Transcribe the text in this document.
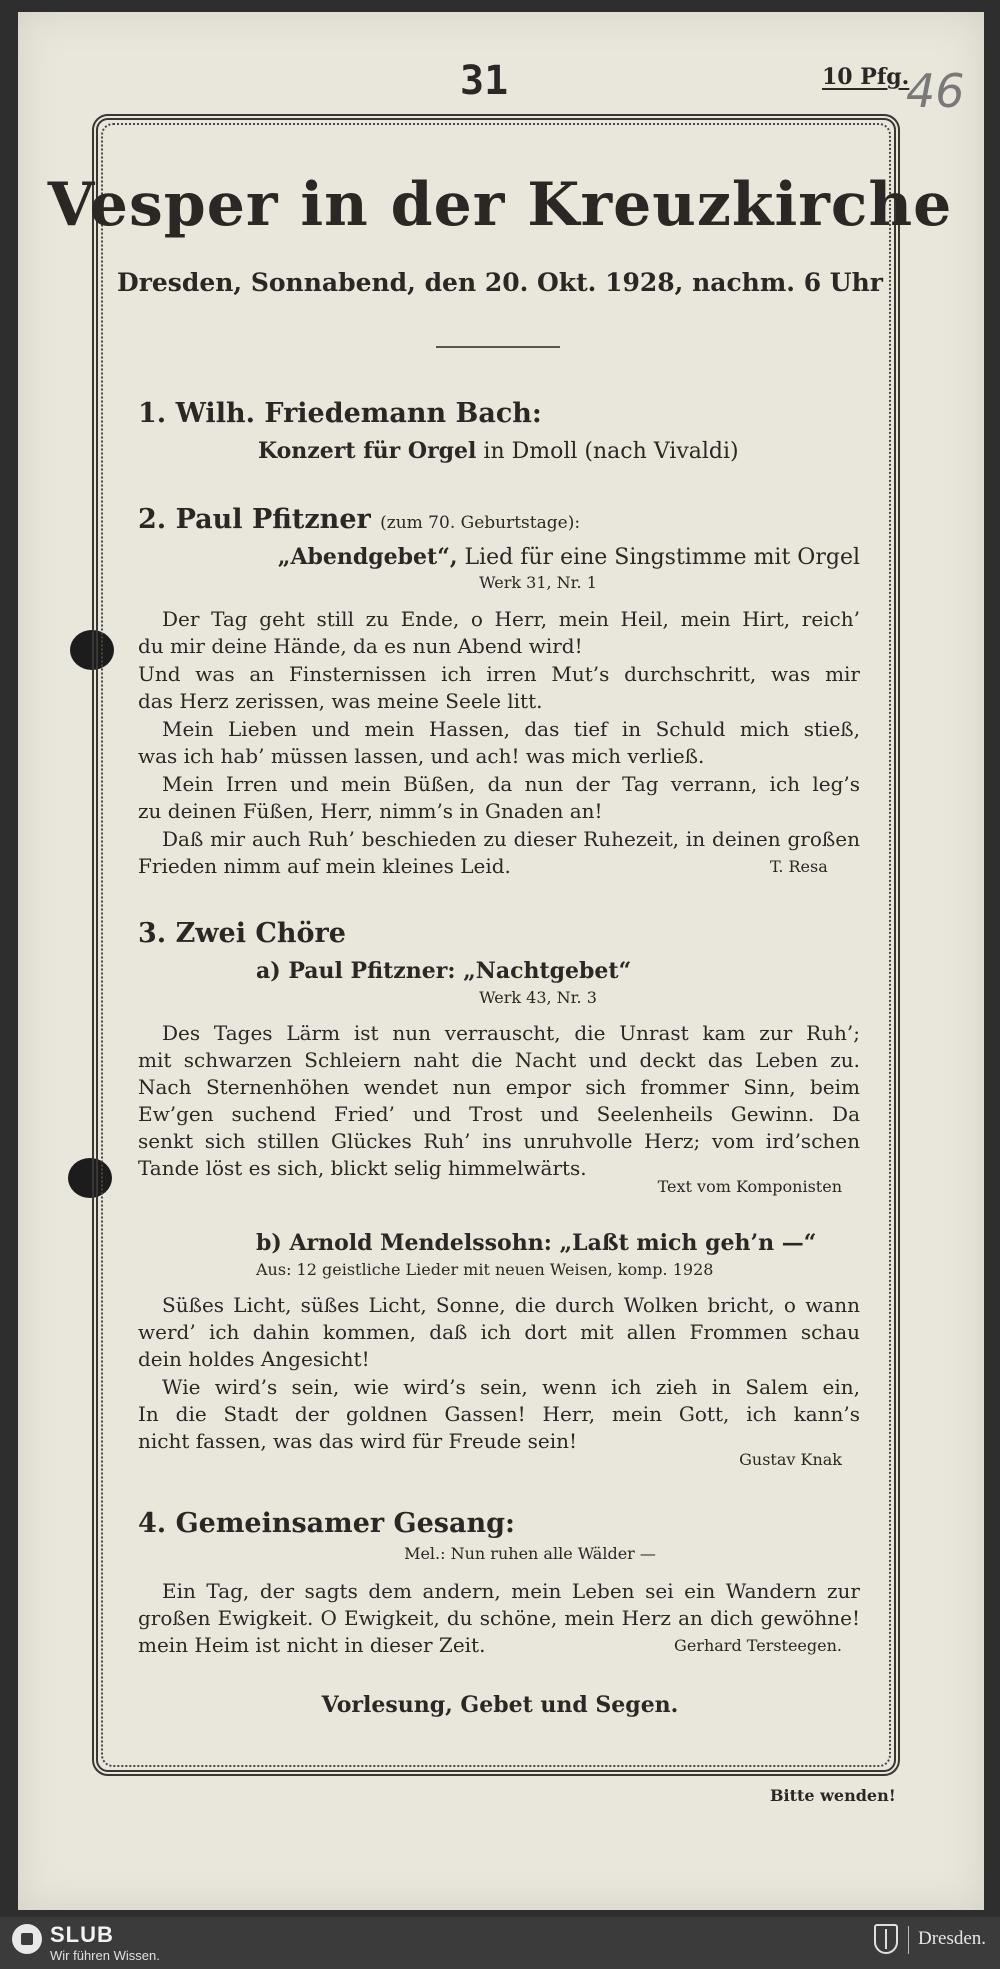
31	10 Pfg.
46
Vesper in der Kreuzkirche
Dresden, Sonnabend, den 20. Okt. 1928, nachm. 6 Uhr
1. Wilh. Friedemann Bach:
Konzert für Orgel in Dmoll (nach Vivaldi)
2. Paul Pfitzner (zum 70. Geburtstage):
„Abendgebet“, Lied für eine Singstimme mit Orgel
Werk 31, Nr. 1
Der Tag geht still zu Ende, o Herr, mein Heil, mein Hirt, reich’
du mir deine Hände, da es nun Abend wird!
Und was an Finsternissen ich irren Mut’s durchschritt, was mir
das Herz zerissen, was meine Seele litt.
Mein Lieben und mein Hassen, das tief in Schuld mich stieß,
was ich hab’ müssen lassen, und ach! was mich verließ.
Mein Irren und mein Büßen, da nun der Tag verrann, ich leg’s
zu deinen Füßen, Herr, nimm’s in Gnaden an!
Daß mir auch Ruh’ beschieden zu dieser Ruhezeit, in deinen großen
Frieden nimm auf mein kleines Leid.	T. Resa
3. Zwei Chöre
a) Paul Pfitzner: „Nachtgebet“
Werk 43, Nr. 3
Des Tages Lärm ist nun verrauscht, die Unrast kam zur Ruh’;
mit schwarzen Schleiern naht die Nacht und deckt das Leben zu.
Nach Sternenhöhen wendet nun empor sich frommer Sinn, beim
Ew’gen suchend Fried’ und Trost und Seelenheils Gewinn. Da
senkt sich stillen Glückes Ruh’ ins unruhvolle Herz; vom ird’schen
Tande löst es sich, blickt selig himmelwärts.
Text vom Komponisten
b) Arnold Mendelssohn: „Laßt mich geh’n —“
Aus: 12 geistliche Lieder mit neuen Weisen, komp. 1928
Süßes Licht, süßes Licht, Sonne, die durch Wolken bricht, o wann
werd’ ich dahin kommen, daß ich dort mit allen Frommen schau
dein holdes Angesicht!
Wie wird’s sein, wie wird’s sein, wenn ich zieh in Salem ein,
In die Stadt der goldnen Gassen! Herr, mein Gott, ich kann’s
nicht fassen, was das wird für Freude sein!
Gustav Knak
4. Gemeinsamer Gesang:
Mel.: Nun ruhen alle Wälder —
Ein Tag, der sagts dem andern, mein Leben sei ein Wandern zur
großen Ewigkeit. O Ewigkeit, du schöne, mein Herz an dich gewöhne!
mein Heim ist nicht in dieser Zeit.	Gerhard Tersteegen.
Vorlesung, Gebet und Segen.
Bitte wenden!
SLUB
Wir führen Wissen.
Dresden.
